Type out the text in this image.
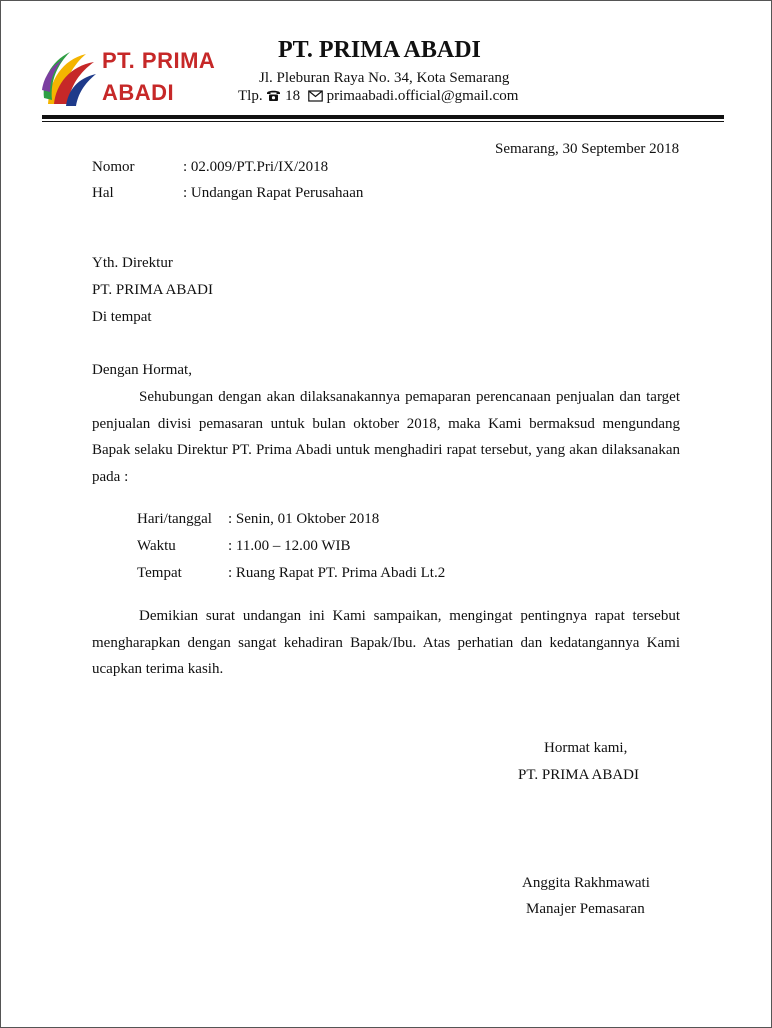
PT. PRIMA
ABADI
PT. PRIMA ABADI
Jl. Pleburan Raya No. 34, Kota Semarang
Tlp. 18 primaabadi.official@gmail.com
Semarang, 30 September 2018
Nomor	: 02.009/PT.Pri/IX/2018
Hal	: Undangan Rapat Perusahaan
Yth. Direktur
PT. PRIMA ABADI
Di tempat
Dengan Hormat,
Sehubungan dengan akan dilaksanakannya pemaparan perencanaan penjualan dan target penjualan divisi pemasaran untuk bulan oktober 2018, maka Kami bermaksud mengundang Bapak selaku Direktur PT. Prima Abadi untuk menghadiri rapat tersebut, yang akan dilaksanakan pada :
Hari/tanggal : Senin, 01 Oktober 2018
Waktu	: 11.00 – 12.00 WIB
Tempat	: Ruang Rapat PT. Prima Abadi Lt.2
Demikian surat undangan ini Kami sampaikan, mengingat pentingnya rapat tersebut mengharapkan dengan sangat kehadiran Bapak/Ibu. Atas perhatian dan kedatangannya Kami ucapkan terima kasih.
Hormat kami,
PT. PRIMA ABADI
Anggita Rakhmawati
Manajer Pemasaran
